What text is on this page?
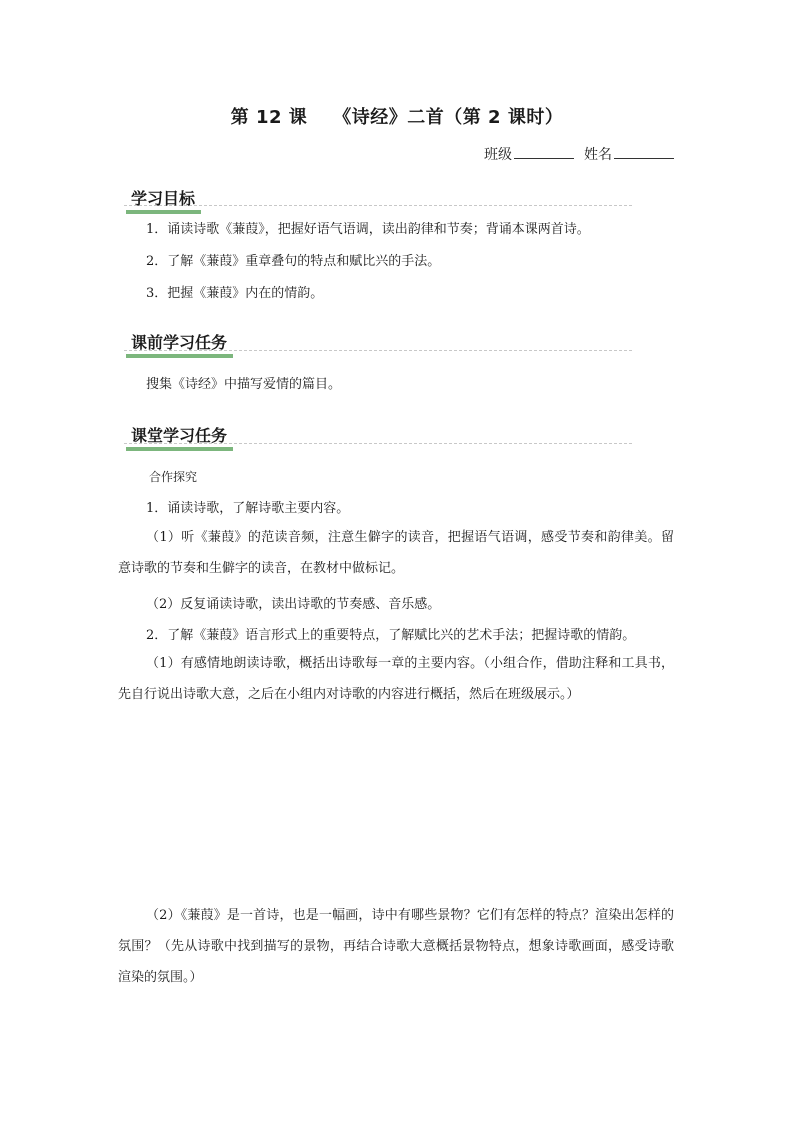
第 12 课 《诗经》二首（第 2 课时）
班级	姓名
学习目标
1．诵读诗歌《蒹葭》，把握好语气语调，读出韵律和节奏；背诵本课两首诗。
2．了解《蒹葭》重章叠句的特点和赋比兴的手法。
3．把握《蒹葭》内在的情韵。
课前学习任务
搜集《诗经》中描写爱情的篇目。
课堂学习任务
合作探究
1．诵读诗歌，了解诗歌主要内容。
（1）听《蒹葭》的范读音频，注意生僻字的读音，把握语气语调，感受节奏和韵律美。留意诗歌的节奏和生僻字的读音，在教材中做标记。
（2）反复诵读诗歌，读出诗歌的节奏感、音乐感。
2．了解《蒹葭》语言形式上的重要特点，了解赋比兴的艺术手法；把握诗歌的情韵。
（1）有感情地朗读诗歌，概括出诗歌每一章的主要内容。（小组合作，借助注释和工具书，先自行说出诗歌大意，之后在小组内对诗歌的内容进行概括，然后在班级展示。）
（2）《蒹葭》是一首诗，也是一幅画，诗中有哪些景物？它们有怎样的特点？渲染出怎样的氛围？（先从诗歌中找到描写的景物，再结合诗歌大意概括景物特点，想象诗歌画面，感受诗歌渲染的氛围。）
